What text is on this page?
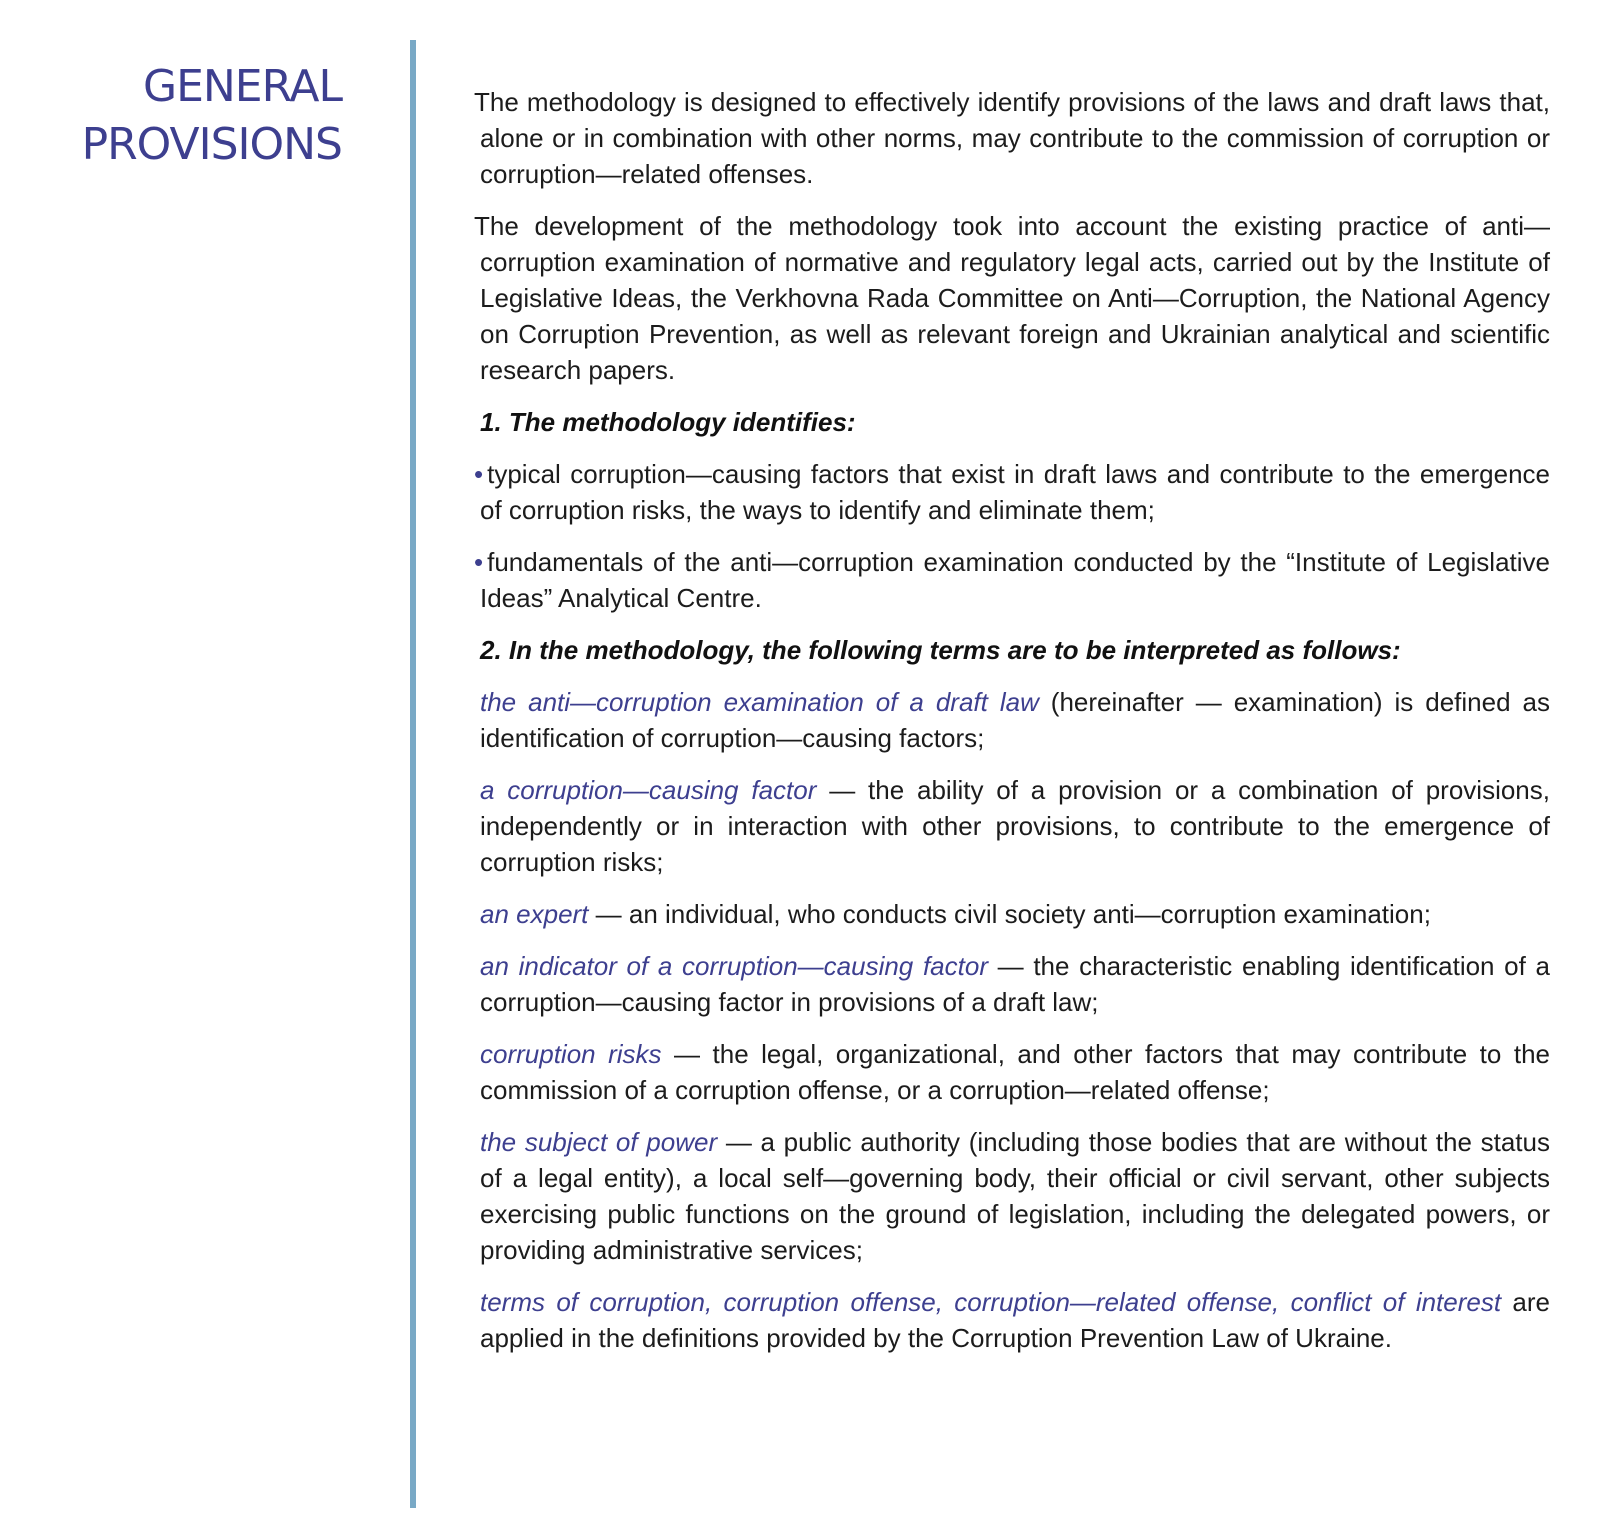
GENERAL
PROVISIONS

The methodology is designed to effectively identify provisions of the laws and draft laws that, alone or in combination with other norms, may contribute to the commission of corruption or corruption—related offenses.

The development of the methodology took into account the existing practice of anti—corruption examination of normative and regulatory legal acts, carried out by the Institute of Legislative Ideas, the Verkhovna Rada Committee on Anti—Corruption, the National Agency on Corruption Prevention, as well as relevant foreign and Ukrainian analytical and scientific research papers.

1. The methodology identifies:

• typical corruption—causing factors that exist in draft laws and contribute to the emergence of corruption risks, the ways to identify and eliminate them;

• fundamentals of the anti—corruption examination conducted by the “Institute of Legislative Ideas” Analytical Centre.

2. In the methodology, the following terms are to be interpreted as follows:

the anti—corruption examination of a draft law (hereinafter — examination) is defined as identification of corruption—causing factors;

a corruption—causing factor — the ability of a provision or a combination of provisions, independently or in interaction with other provisions, to contribute to the emergence of corruption risks;

an expert — an individual, who conducts civil society anti—corruption examination;

an indicator of a corruption—causing factor — the characteristic enabling identification of a corruption—causing factor in provisions of a draft law;

corruption risks — the legal, organizational, and other factors that may contribute to the commission of a corruption offense, or a corruption—related offense;

the subject of power — a public authority (including those bodies that are without the status of a legal entity), a local self—governing body, their official or civil servant, other subjects exercising public functions on the ground of legislation, including the delegated powers, or providing administrative services;

terms of corruption, corruption offense, corruption—related offense, conflict of interest are applied in the definitions provided by the Corruption Prevention Law of Ukraine.
